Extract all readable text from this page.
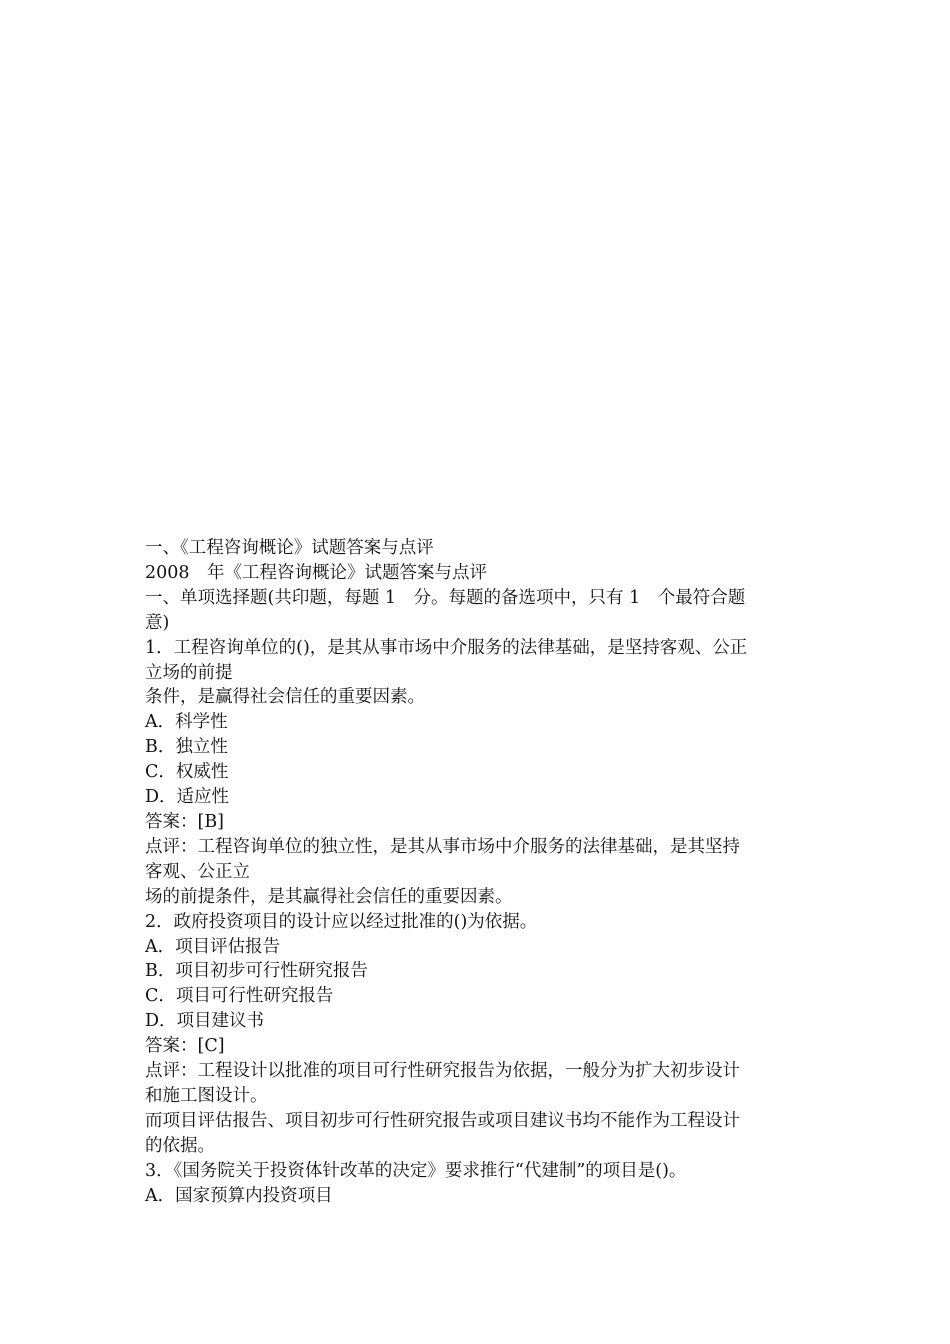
一、《工程咨询概论》试题答案与点评
2008　年《工程咨询概论》试题答案与点评
一、单项选择题(共印题，每题 1　分。每题的备选项中，只有 1　个最符合题
意)
1．工程咨询单位的()，是其从事市场中介服务的法律基础，是坚持客观、公正
立场的前提
条件，是赢得社会信任的重要因素。
A．科学性
B．独立性
C．权威性
D．适应性
答案：[B]
点评：工程咨询单位的独立性，是其从事市场中介服务的法律基础，是其坚持
客观、公正立
场的前提条件，是其赢得社会信任的重要因素。
2．政府投资项目的设计应以经过批准的()为依据。
A．项目评估报告
B．项目初步可行性研究报告
C．项目可行性研究报告
D．项目建议书
答案：[C]
点评：工程设计以批准的项目可行性研究报告为依据，一般分为扩大初步设计
和施工图设计。
而项目评估报告、项目初步可行性研究报告或项目建议书均不能作为工程设计
的依据。
3．《国务院关于投资体针改革的决定》要求推行“代建制”的项目是()。
A．国家预算内投资项目
